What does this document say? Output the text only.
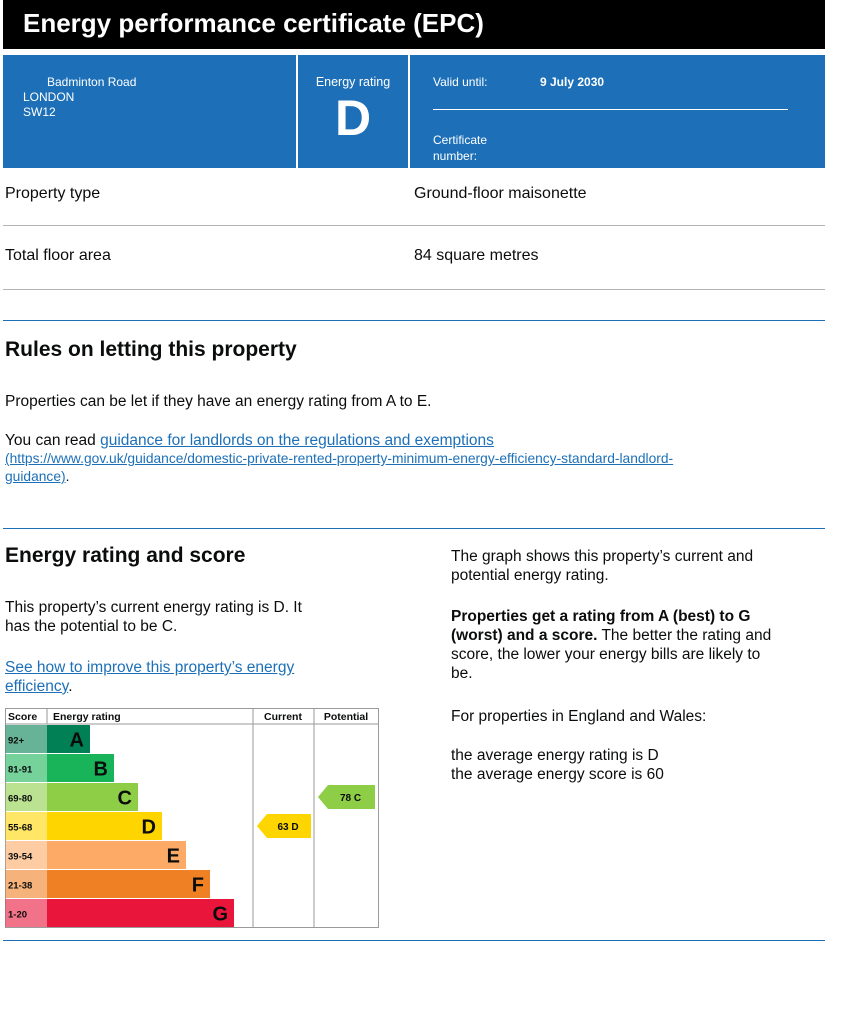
Energy performance certificate (EPC)
Badminton Road
LONDON
SW12
Energy rating
D
Valid until:	9 July 2030
Certificate number:
Property type	Ground-floor maisonette
Total floor area	84 square metres
Rules on letting this property
Properties can be let if they have an energy rating from A to E.
You can read guidance for landlords on the regulations and exemptions
(https://www.gov.uk/guidance/domestic-private-rented-property-minimum-energy-efficiency-standard-landlord-
guidance).
Energy rating and score
This property’s current energy rating is D. It
has the potential to be C.
See how to improve this property’s energy
efficiency.
Score Energy rating	Current Potential
92+ A
81-91	B
69-80	C
55-68	D
39-54	E
21-38	F
1-20	G
63 D
78 C
The graph shows this property’s current and
potential energy rating.
Properties get a rating from A (best) to G
(worst) and a score. The better the rating and
score, the lower your energy bills are likely to
be.
For properties in England and Wales:
the average energy rating is D
the average energy score is 60
